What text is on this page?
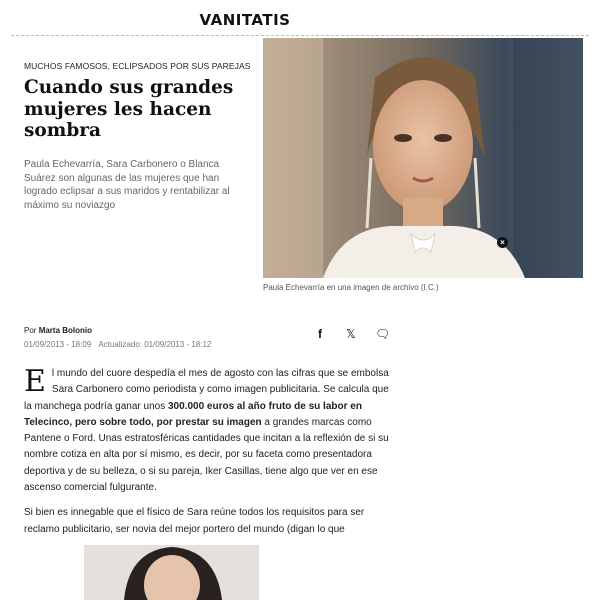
VANITATIS
MUCHOS FAMOSOS, ECLIPSADOS POR SUS PAREJAS
Cuando sus grandes mujeres les hacen sombra

Paula Echevarría, Sara Carbonero o Blanca Suárez son algunas de las mujeres que han logrado eclipsar a sus maridos y rentabilizar al máximo su noviazgo

×
Paula Echevarría en una imagen de archivo (I.C.)
Por Marta Bolonio
01/09/2013 - 18:09 Actualizado: 01/09/2013 - 18:12
f 𝕏 🗨

El mundo del cuore despedía el mes de agosto con las cifras que se embolsa Sara Carbonero como periodista y como imagen publicitaria. Se calcula que la manchega podría ganar unos 300.000 euros al año fruto de su labor en Telecinco, pero sobre todo, por prestar su imagen a grandes marcas como Pantene o Ford. Unas estratosféricas cantidades que incitan a la reflexión de si su nombre cotiza en alta por sí mismo, es decir, por su faceta como presentadora deportiva y de su belleza, o si su pareja, Iker Casillas, tiene algo que ver en ese ascenso comercial fulgurante.

Si bien es innegable que el físico de Sara reúne todos los requisitos para ser reclamo publicitario, ser novia del mejor portero del mundo (digan lo que
